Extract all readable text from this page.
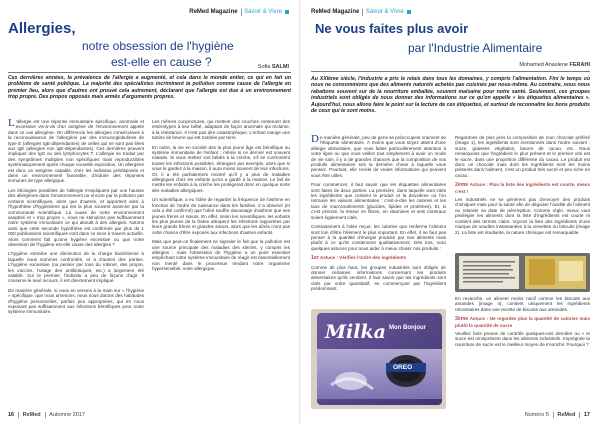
ReMed Magazine Savoir & Vivre
Allergies,
notre obsession de l'hygiène
est-elle en cause ?	Sofia SALMI
Ces dernières années, la prévalence de l'allergie a augmenté, et cela dans le monde entier, ce qui en fait un problème de santé publique. La majorité des spécialistes incriminent la pollution comme cause de l'allergie en premier lieu, alors que d'autres ont prouvé cela autrement, déclarant que l'allergie est due à un environnement trop propre. Des propos opposés mais armés d'arguments propres.

L 'allergie est une réponse immunitaire spécifique, anormale et excessive vis-à-vis d'un antigène de l'environnement appelé dans ce cas allergène. On différencie les allergies consécutives à la reconnaissance de l'allergène par des immunoglobulines de type E (allergies IgE-dépendantes) de celles qui ne sont pas liées aux IgE (allergies non IgE-dépendantes). Ces dernières peuvent impliquer des IgG ou des lymphocytes T. L'allergie se traduit par des symptômes multiples non spécifiques mais reproductibles systématiquement après chaque nouvelle exposition. Un allergène est donc un antigène capable, chez les individus prédisposés et dans un environnement favorable, d'induire des réponses immunes de type allergique.

Les étiologies possibles de l'allergie s'expliquent par une hausse des allergènes dans l'environnement ou encore par la pollution par certains scientifiques, alors que d'autres, et apportent ainsi à l'hypothèse d'hygiénisme qui est la plus souvent avancée par la communauté scientifique. La cause de notre environnement aseptisé et « trop propre », nous ne stimulons pas suffisamment notre système immunitaire ce qui aboutit à des allergies. Notons ainsi que cette seconde hypothèse est confirmée par plus de 1 000 publications scientifiques vont dans ce sens à travers actuelle. Alors comment fait qu'une hygiène excessive ou que notre obsession de l'hygiène est-elle cause des allergies ?

L'hygiène entraîne une diminution de la charge bactérienne à laquelle nous sommes confrontés, et à d'autres des parties. L'hygiène excessive (ou penser par tous du robinet, des propre, les vaccins, l'usage des antibiotiques, etc.) a largement été valable. Sur le premier, l'individu a peu de façons d'agir. Il conserve le seul recours, il est directement impliqué.

De manière générale, si nous en venons à la main sur « l'hygiène » spécifique, que nous amenons, nous nous dotons des habitudes d'hygiène personnelles, parfois peu appropriées, qui en nous exposant pas suffisamment aux infections bénéfiques pour notre système immunitaire.

Les mêmes conjonctures, qui mettent des couches contenant des entérotypes à leur bébé, adaptant de façon anormale qui réclame, à la résistance. Il n'est pas dire catastrophique. L'enfant mange une tartine de beurre qui est tombée par terre.

En outre, la vie en société des la plus jeune âge est bénéfique au système immunitaire de l'enfant ; même si ce dernier est souvent malade. Si vous mettez vos bébés à la crèche, s'il se confrontent toutes les infections possibles, étrangers par exemple, alors que si vous le gardez à la maison, il aura moins souvent de leur infections. Or, il a été parfaitement montré qu'il y a plus de maladies allergiques chez les enfants qu'on a gardé à la maison. Le fait de mettre les enfants à la crèche les protégerait donc en quelque sorte des maladies allergiques.

Un scientifique, a eu l'idée de regarder la fréquence de l'asthme en fonction de l'ordre de naissance dans les familles. Il a observé (et cela a été confirmé) que l'aîné souffre davantage d'asthme que ses jeunes frères et sœurs. En effet, selon les scientifiques, les enfants les plus jeunes de la fratrie attrapent les infections rapportées par leurs grands frères et grandes sœurs, alors que les aînés n'ont pas cette chance d'être exposés aux infections d'autres enfants.

Mais que peut-on finalement ne signaler le fait que la pollution est une source principale des maladies des siècles, y compris les allergies ; mais l'obsession de l'hygiène a un point essentiel empêchant notre système immunitaire de réagir est essentiellement non menté dans le processus rendant notre organisme hypersensible, voire allergique.

16 ReMed Automne 2017
ReMed Magazine Savoir & Vivre
Ne vous faites plus avoir
par l'Industrie Alimentaire
Mohamed Anaslene FERAHI
Au XXIème siècle, l'industrie a pris le relais dans tous les domaines, y compris l'alimentation. Fini le temps où nous ne consommions que des aliments naturels achetés pas cuisinés par nous-même. Au contraire, nous nous rabattons souvent sur de la nourriture emballée, souvent malsaine pour notre santé. Seulement, ces groupes industriels sont obligés de nous donner des informations sur ce qu'on appelle « les étiquettes alimentaires ». Aujourd'hui, nous allons faire le point sur la lecture de ces étiquettes, et surtout de reconnaître les bons produits de ceux qui le sont moins.

De manière générale, peu de gens se préoccupent vraiment de l'étiquette alimentaire. À moins que vous soyez atteint d'une allergie alimentaire, que vous faites particulièrement attention à votre ligne ou que vous veillez tout simplement à avoir un mode de vie sain, il y a de grandes chances que la composition de vos produits alimentaires soit la dernière chose à laquelle vous pensez. Pourtant, elle recèle de vraies informations qui peuvent vous être utiles.

Pour commencer, il faut savoir que les étiquettes alimentaires sont faites de deux parties. La première, dans laquelle sont cités les ingrédients que contient le produit et la deuxième où l'on retrouve les valeurs alimentaires : c'est-à-dire les calories et les taux de macronutriments (glucides, lipides et protéines). Et, si c'est précisé, la teneur en fibres, en vitamines et sels minéraux soient également cités.

Contrairement à l'idée reçue, les calories que renferme l'aliment sont loin d'être l'élément le plus important. En effet, il ne faut pas penser à la quantité d'énergie produite par nos aliments mais plutôt à ce qu'ils contiennent qualitativement. Dès lors, voici quelques astuces pour nous aider à mieux choisir nos produits :

1er Astuce : Vérifiez l'ordre des ingrédients

Comme dit plus haut, les groupes industriels sont obligés de donner certaines informations concernant les produits alimentaires qu'ils vendent. Il faut savoir que les ingrédients sont cités par ordre quantitatif, en commençant par l'ingrédient prédominant.

Milka Mon Bonjour
OREO

Regardons de plus près la composition de mon chocolat préféré (image 1), les ingrédients sont mentionnés dans l'ordre suivant : sucre, graisses végétales, beurre de cacao, etc. Nous remarquons que l'ingrédient le plus présent et le premier cité est le sucre, dans une proportion différente du cacao. Le produit est donc un chocolat mais dont les ingrédients sont les moins présents dans l'aliment, c'est un produit très sucré et peu riche en cacao.

2ème Astuce : Plus la liste des ingrédients est courte, mieux c'est !

Les industriels ne se génèrent pas d'envoyer des produits chimiques mais pour la santé afin de déguiser l'acidité de l'aliment ou retarder sa date de péremption. Comme règle, mieux vaut privilégier les aliments dont la liste d'ingrédients est courte et contient des termes clairs. Voyons la liste des ingrédients d'une marque de noudles instantanées à la crevettes ou biscuits (image 2). La liste est étudiante, la nature chimique est remarquable.

En revanche, un aliment moins nocif comme les biscuits aux amandes (image 4), contient uniquement les ingrédients nécessaires dans une recette de biscuits aux amandes.

3ème Astuce : Ne regardez plus la quantité de calories mais plutôt la quantité de sucre

Veuillez faire preuve de contrôle quelques-uns dernière ou « le sucre est omniprésent dans les aliments industriels. Imprégnée la nourriture de sucre est le meilleur moyen de s'enrichir. Pourquoi ?

Numéro 5 ReMed 17
